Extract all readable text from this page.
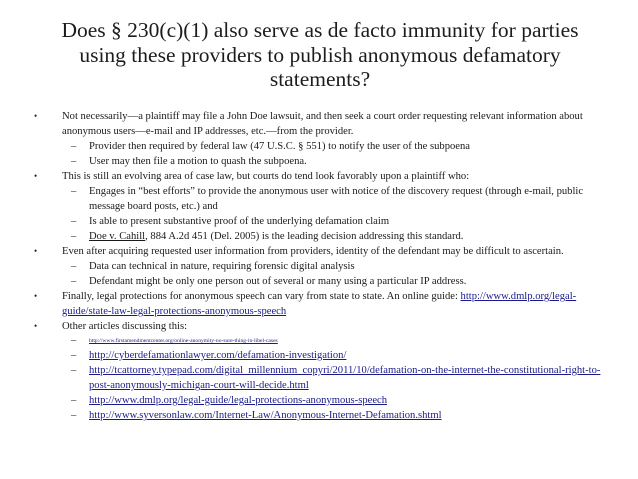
Does § 230(c)(1) also serve as de facto immunity for parties using these providers to publish anonymous defamatory statements?
• Not necessarily—a plaintiff may file a John Doe lawsuit, and then seek a court order requesting relevant information about anonymous users—e-mail and IP addresses, etc.—from the provider.
– Provider then required by federal law (47 U.S.C. § 551) to notify the user of the subpoena
– User may then file a motion to quash the subpoena.
• This is still an evolving area of case law, but courts do tend look favorably upon a plaintiff who:
– Engages in “best efforts” to provide the anonymous user with notice of the discovery request (through e-mail, public message board posts, etc.) and
– Is able to present substantive proof of the underlying defamation claim
– Doe v. Cahill, 884 A.2d 451 (Del. 2005) is the leading decision addressing this standard.
• Even after acquiring requested user information from providers, identity of the defendant may be difficult to ascertain.
– Data can technical in nature, requiring forensic digital analysis
– Defendant might be only one person out of several or many using a particular IP address.
• Finally, legal protections for anonymous speech can vary from state to state. An online guide: http://www.dmlp.org/legal-guide/state-law-legal-protections-anonymous-speech
• Other articles discussing this:
– http://www.firstamendmentcenter.org/online-anonymity-no-sure-thing-in-libel-cases
– http://cyberdefamationlawyer.com/defamation-investigation/
– http://tcattorney.typepad.com/digital_millennium_copyri/2011/10/defamation-on-the-internet-the-constitutional-right-to-post-anonymously-michigan-court-will-decide.html
– http://www.dmlp.org/legal-guide/legal-protections-anonymous-speech
– http://www.syversonlaw.com/Internet-Law/Anonymous-Internet-Defamation.shtml
